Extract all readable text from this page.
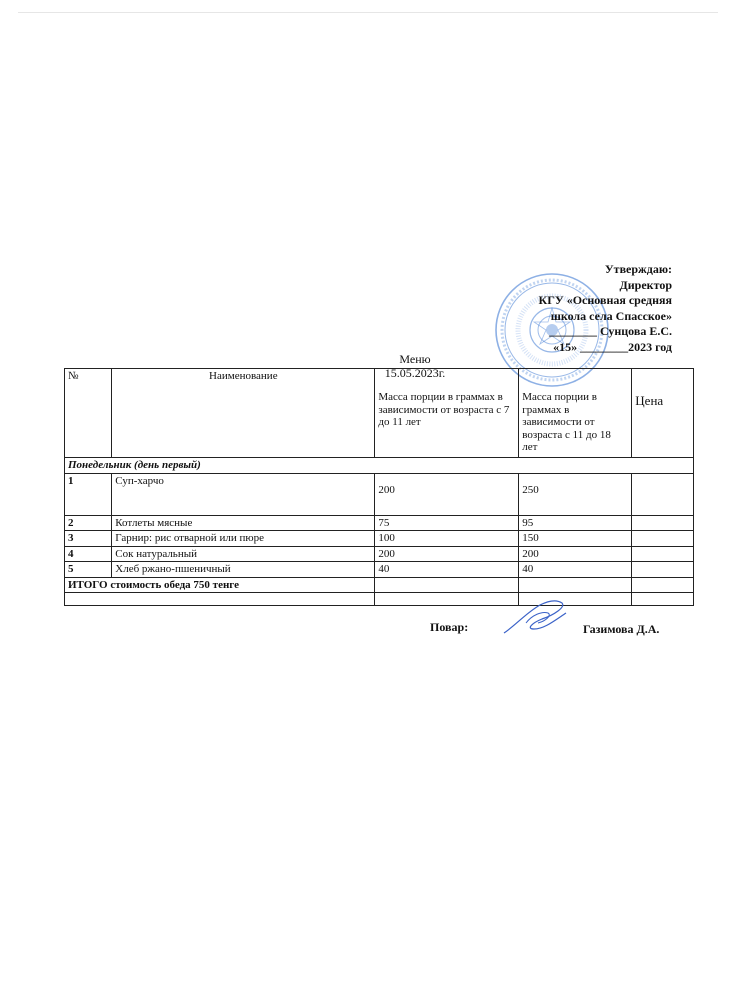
Утверждаю:
Директор
КГУ «Основная средняя
школа села Спасское»
________ Сунцова Е.С.
«15» ________2023 год
Меню
15.05.2023г.
№	Наименование	Масса порции в граммах в зависимости от возраста с 7 до 11 лет	Масса порции в граммах в зависимости от возраста с 11 до 18 лет	Цена
Понедельник (день первый)				
1	Суп-харчо	200	250	
2	Котлеты мясные	75	95	
3	Гарнир: рис отварной или пюре	100	150	
4	Сок натуральный	200	200	
5	Хлеб ржано-пшеничный	40	40	
ИТОГО стоимость обеда 750 тенге				

Повар:	Газимова Д.А.
